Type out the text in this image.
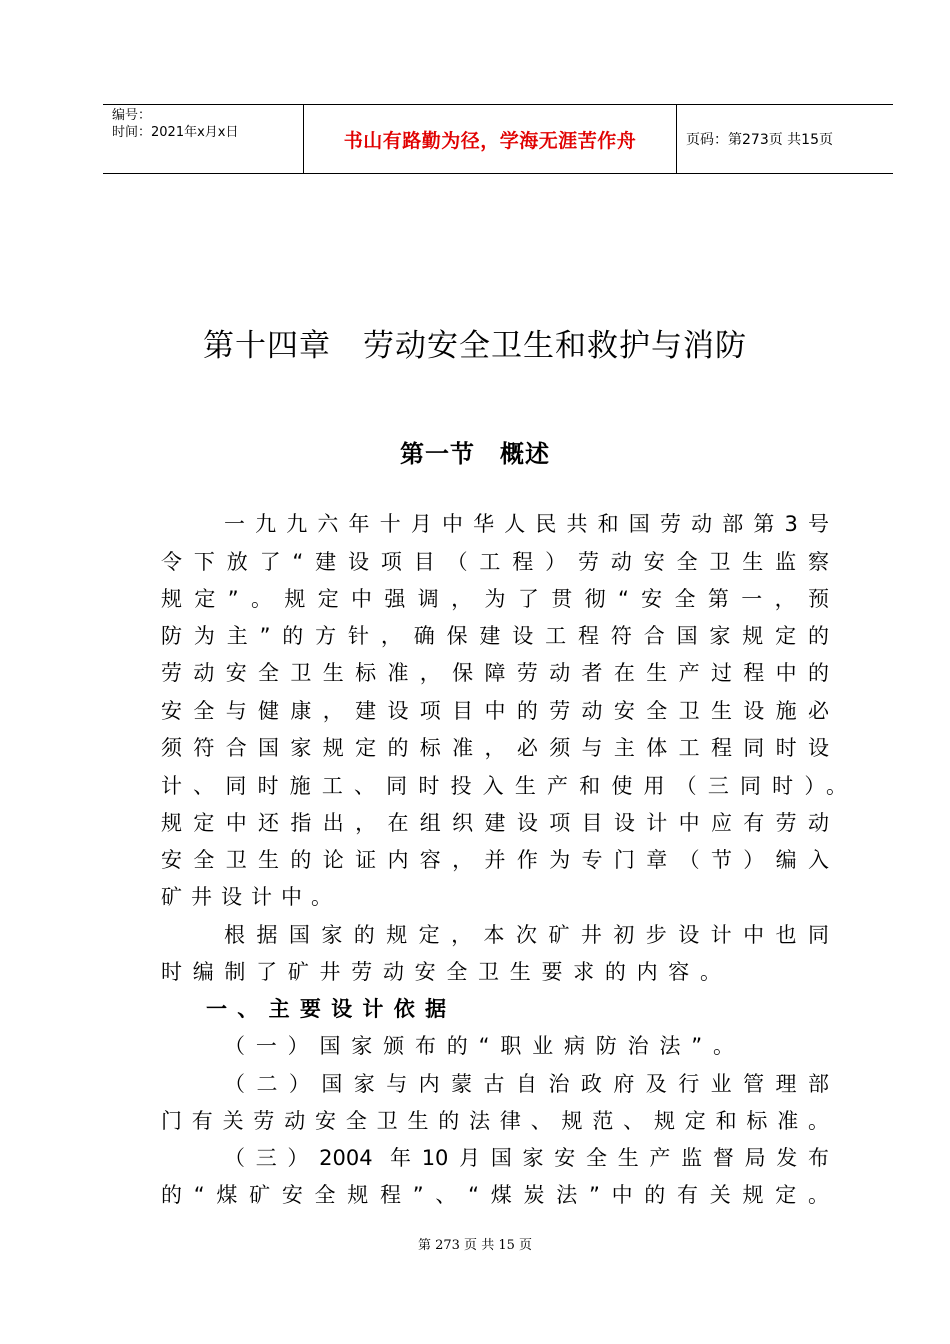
编号：
时间：2021年x月x日	书山有路勤为径，学海无涯苦作舟	页码：第273页 共15页
第十四章　劳动安全卫生和救护与消防
第一节　概述
一九九六年十月中华人民共和国劳动部第3号
令下放了“建设项目（工程）劳动安全卫生监察
规定”。规定中强调，为了贯彻“安全第一，预
防为主”的方针，确保建设工程符合国家规定的
劳动安全卫生标准，保障劳动者在生产过程中的
安全与健康，建设项目中的劳动安全卫生设施必
须符合国家规定的标准，必须与主体工程同时设
计、同时施工、同时投入生产和使用（三同时）。
规定中还指出，在组织建设项目设计中应有劳动
安全卫生的论证内容，并作为专门章（节）编入
矿井设计中。
根据国家的规定，本次矿井初步设计中也同
时编制了矿井劳动安全卫生要求的内容。
一、主要设计依据
（一）国家颁布的“职业病防治法”。
（二）国家与内蒙古自治政府及行业管理部
门有关劳动安全卫生的法律、规范、规定和标准。
（三）2004 年10月国家安全生产监督局发布
的“煤矿安全规程”、“煤炭法”中的有关规定。
第 273 页 共 15 页
